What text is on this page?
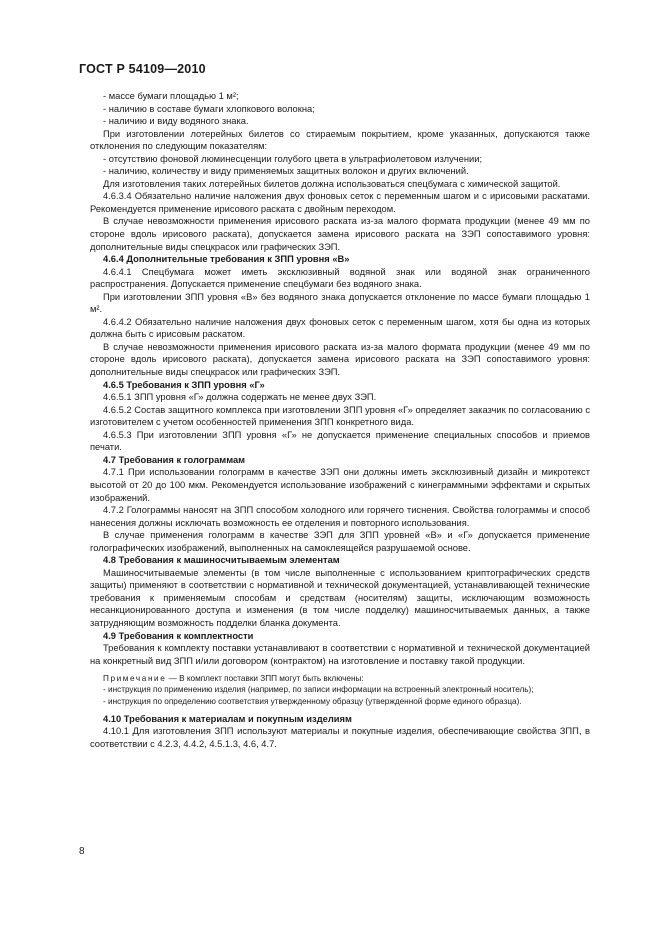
ГОСТ Р 54109—2010

- массе бумаги площадью 1 м²;

- наличию в составе бумаги хлопкового волокна;

- наличию и виду водяного знака.

При изготовлении лотерейных билетов со стираемым покрытием, кроме указанных, допускаются также отклонения по следующим показателям:

- отсутствию фоновой люминесценции голубого цвета в ультрафиолетовом излучении;

- наличию, количеству и виду применяемых защитных волокон и других включений.

Для изготовления таких лотерейных билетов должна использоваться спецбумага с химической защитой.

4.6.3.4 Обязательно наличие наложения двух фоновых сеток с переменным шагом и с ирисовыми раскатами. Рекомендуется применение ирисового раската с двойным переходом.

В случае невозможности применения ирисового раската из-за малого формата продукции (менее 49 мм по стороне вдоль ирисового раската), допускается замена ирисового раската на ЗЭП сопоставимого уровня: дополнительные виды спецкрасок или графических ЗЭП.

4.6.4 Дополнительные требования к ЗПП уровня «В»

4.6.4.1 Спецбумага может иметь эксклюзивный водяной знак или водяной знак ограниченного распространения. Допускается применение спецбумаги без водяного знака.

При изготовлении ЗПП уровня «В» без водяного знака допускается отклонение по массе бумаги площадью 1 м².

4.6.4.2 Обязательно наличие наложения двух фоновых сеток с переменным шагом, хотя бы одна из которых должна быть с ирисовым раскатом.

В случае невозможности применения ирисового раската из-за малого формата продукции (менее 49 мм по стороне вдоль ирисового раската), допускается замена ирисового раската на ЗЭП сопоставимого уровня: дополнительные виды спецкрасок или графических ЗЭП.

4.6.5 Требования к ЗПП уровня «Г»

4.6.5.1 ЗПП уровня «Г» должна содержать не менее двух ЗЭП.

4.6.5.2 Состав защитного комплекса при изготовлении ЗПП уровня «Г» определяет заказчик по согласованию с изготовителем с учетом особенностей применения ЗПП конкретного вида.

4.6.5.3 При изготовлении ЗПП уровня «Г» не допускается применение специальных способов и приемов печати.

4.7 Требования к голограммам

4.7.1 При использовании голограмм в качестве ЗЭП они должны иметь эксклюзивный дизайн и микротекст высотой от 20 до 100 мкм. Рекомендуется использование изображений с кинеграммными эффектами и скрытых изображений.

4.7.2 Голограммы наносят на ЗПП способом холодного или горячего тиснения. Свойства голограммы и способ нанесения должны исключать возможность ее отделения и повторного использования.

В случае применения голограмм в качестве ЗЭП для ЗПП уровней «В» и «Г» допускается применение голографических изображений, выполненных на самоклеящейся разрушаемой основе.

4.8 Требования к машиносчитываемым элементам

Машиносчитываемые элементы (в том числе выполненные с использованием криптографических средств защиты) применяют в соответствии с нормативной и технической документацией, устанавливающей технические требования к применяемым способам и средствам (носителям) защиты, исключающим возможность несанкционированного доступа и изменения (в том числе подделку) машиносчитываемых данных, а также затрудняющим возможность подделки бланка документа.

4.9 Требования к комплектности

Требования к комплекту поставки устанавливают в соответствии с нормативной и технической документацией на конкретный вид ЗПП и/или договором (контрактом) на изготовление и поставку такой продукции.

Примечание — В комплект поставки ЗПП могут быть включены:

- инструкция по применению изделия (например, по записи информации на встроенный электронный носитель);

- инструкция по определению соответствия утвержденному образцу (утвержденной форме единого образца).

4.10 Требования к материалам и покупным изделиям

4.10.1 Для изготовления ЗПП используют материалы и покупные изделия, обеспечивающие свойства ЗПП, в соответствии с 4.2.3, 4.4.2, 4.5.1.3, 4.6, 4.7.

8
